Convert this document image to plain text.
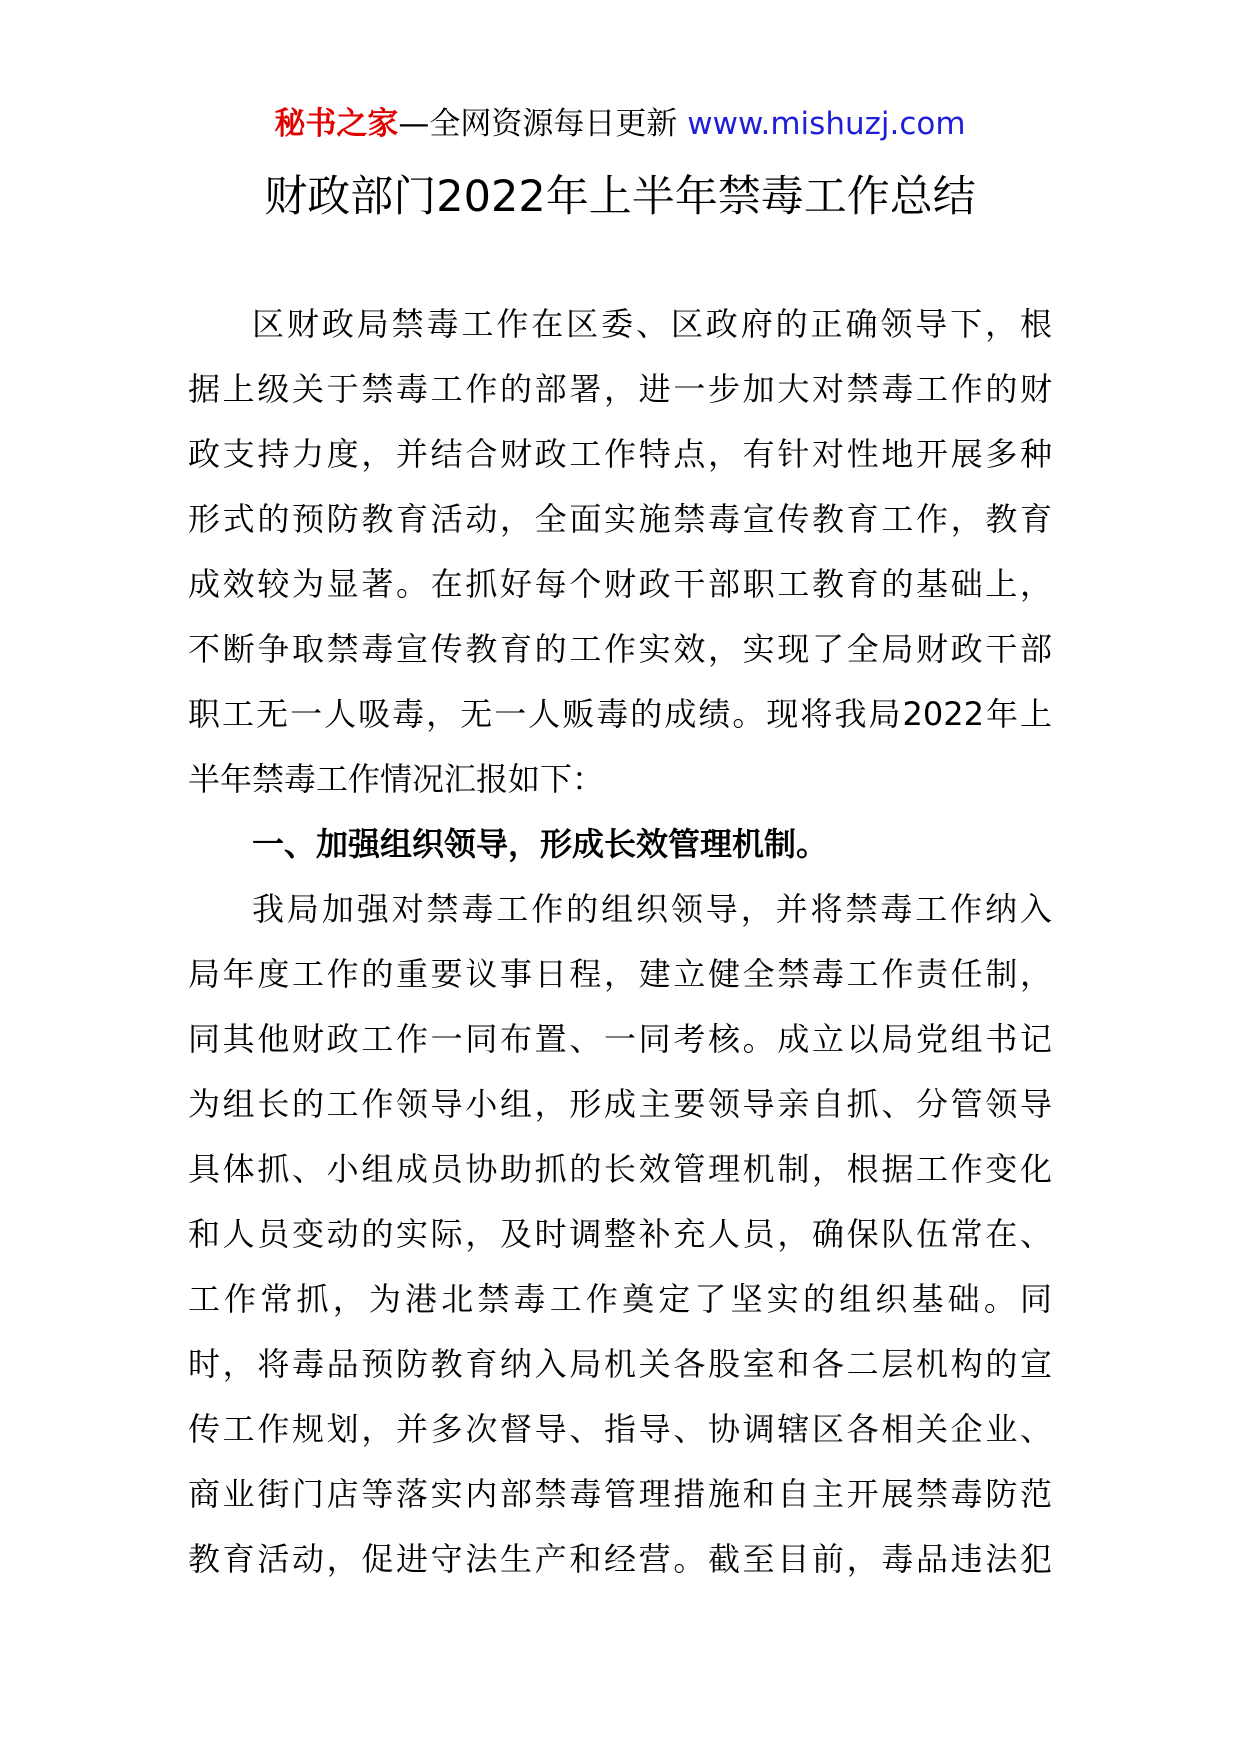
秘书之家—全网资源每日更新 www.mishuzj.com
财政部门2022年上半年禁毒工作总结
区财政局禁毒工作在区委、区政府的正确领导下，根
据上级关于禁毒工作的部署，进一步加大对禁毒工作的财
政支持力度，并结合财政工作特点，有针对性地开展多种
形式的预防教育活动，全面实施禁毒宣传教育工作，教育
成效较为显著。在抓好每个财政干部职工教育的基础上，
不断争取禁毒宣传教育的工作实效，实现了全局财政干部
职工无一人吸毒，无一人贩毒的成绩。现将我局2022年上
半年禁毒工作情况汇报如下：
一、加强组织领导，形成长效管理机制。
我局加强对禁毒工作的组织领导，并将禁毒工作纳入
局年度工作的重要议事日程，建立健全禁毒工作责任制，
同其他财政工作一同布置、一同考核。成立以局党组书记
为组长的工作领导小组，形成主要领导亲自抓、分管领导
具体抓、小组成员协助抓的长效管理机制，根据工作变化
和人员变动的实际，及时调整补充人员，确保队伍常在、
工作常抓，为港北禁毒工作奠定了坚实的组织基础。同
时，将毒品预防教育纳入局机关各股室和各二层机构的宣
传工作规划，并多次督导、指导、协调辖区各相关企业、
商业街门店等落实内部禁毒管理措施和自主开展禁毒防范
教育活动，促进守法生产和经营。截至目前，毒品违法犯
